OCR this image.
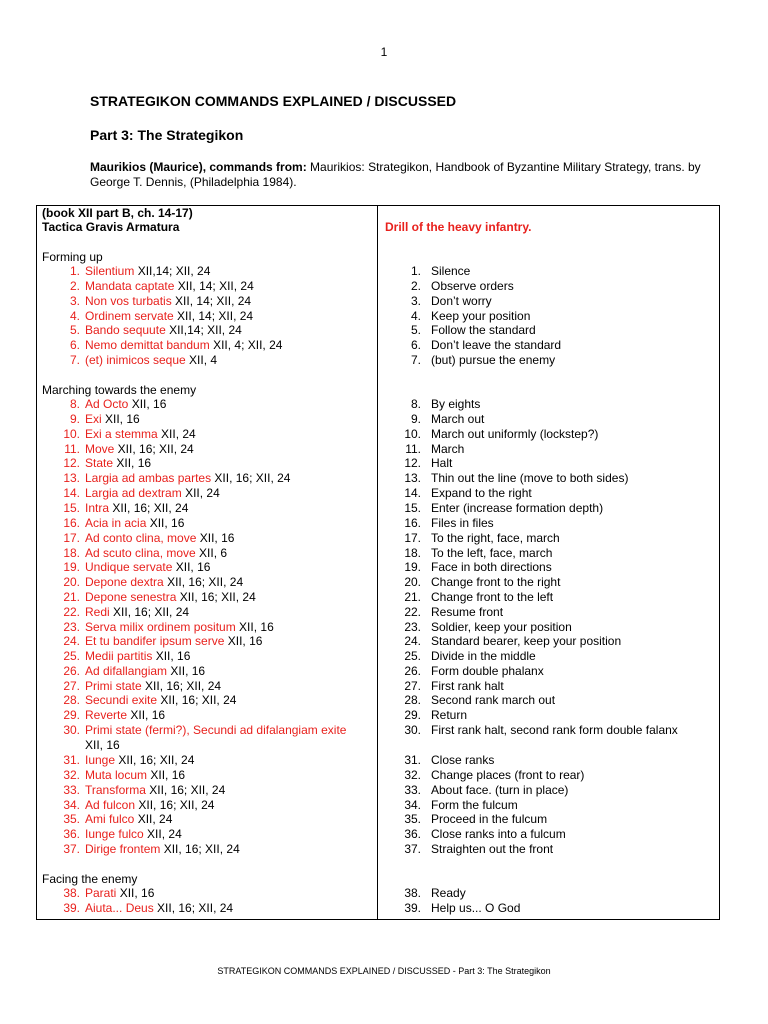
1
STRATEGIKON COMMANDS EXPLAINED / DISCUSSED
Part 3: The Strategikon
Maurikios (Maurice), commands from: Maurikios: Strategikon, Handbook of Byzantine Military Strategy, trans. by George T. Dennis, (Philadelphia 1984).
(book XII part B, ch. 14-17)
Tactica Gravis Armatura	Drill of the heavy infantry.
Forming up
Marching towards the enemy
Facing the enemy
1. Silentium XII,14; XII, 24	1. Silence
2. Mandata captate XII, 14; XII, 24	2. Observe orders
3. Non vos turbatis XII, 14; XII, 24	3. Don’t worry
4. Ordinem servate XII, 14; XII, 24	4. Keep your position
5. Bando sequute XII,14; XII, 24	5. Follow the standard
6. Nemo demittat bandum XII, 4; XII, 24	6. Don’t leave the standard
7. (et) inimicos seque XII, 4	7. (but) pursue the enemy
8. Ad Octo XII, 16	8. By eights
9. Exi XII, 16	9. March out
10. Exi a stemma XII, 24	10. March out uniformly (lockstep?)
11. Move XII, 16; XII, 24	11. March
12. State XII, 16	12. Halt
13. Largia ad ambas partes XII, 16; XII, 24	13. Thin out the line (move to both sides)
14. Largia ad dextram XII, 24	14. Expand to the right
15. Intra XII, 16; XII, 24	15. Enter (increase formation depth)
16. Acia in acia XII, 16	16. Files in files
17. Ad conto clina, move XII, 16	17. To the right, face, march
18. Ad scuto clina, move XII, 6	18. To the left, face, march
19. Undique servate XII, 16	19. Face in both directions
20. Depone dextra XII, 16; XII, 24	20. Change front to the right
21. Depone senestra XII, 16; XII, 24	21. Change front to the left
22. Redi XII, 16; XII, 24	22. Resume front
23. Serva milix ordinem positum XII, 16	23. Soldier, keep your position
24. Et tu bandifer ipsum serve XII, 16	24. Standard bearer, keep your position
25. Medii partitis XII, 16	25. Divide in the middle
26. Ad difallangiam XII, 16	26. Form double phalanx
27. Primi state XII, 16; XII, 24	27. First rank halt
28. Secundi exite XII, 16; XII, 24	28. Second rank march out
29. Reverte XII, 16	29. Return
30. Primi state (fermi?), Secundi ad difalangiam exite	30. First rank halt, second rank form double falanx
XII, 16
31. Iunge XII, 16; XII, 24	31. Close ranks
32. Muta locum XII, 16	32. Change places (front to rear)
33. Transforma XII, 16; XII, 24	33. About face. (turn in place)
34. Ad fulcon XII, 16; XII, 24	34. Form the fulcum
35. Ami fulco XII, 24	35. Proceed in the fulcum
36. Iunge fulco XII, 24	36. Close ranks into a fulcum
37. Dirige frontem XII, 16; XII, 24	37. Straighten out the front
38. Parati XII, 16	38. Ready
39. Aiuta... Deus XII, 16; XII, 24	39. Help us... O God
STRATEGIKON COMMANDS EXPLAINED / DISCUSSED - Part 3: The Strategikon
